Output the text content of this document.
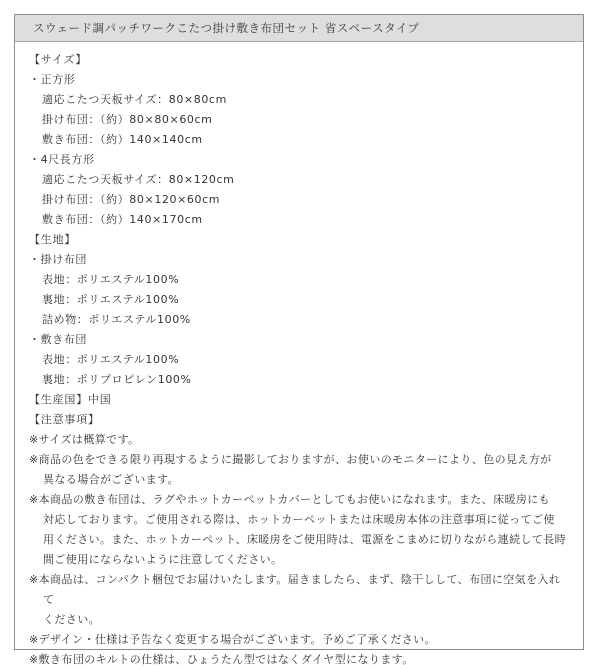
スウェード調パッチワークこたつ掛け敷き布団セット 省スペースタイプ
【サイズ】
・正方形
適応こたつ天板サイズ：80×80cm
掛け布団：（約）80×80×60cm
敷き布団：（約）140×140cm
・4尺長方形
適応こたつ天板サイズ：80×120cm
掛け布団：（約）80×120×60cm
敷き布団：（約）140×170cm
【生地】
・掛け布団
表地：ポリエステル100%
裏地：ポリエステル100%
詰め物：ポリエステル100%
・敷き布団
表地：ポリエステル100%
裏地：ポリプロピレン100%
【生産国】中国
【注意事項】
※サイズは概算です。
※商品の色をできる限り再現するように撮影しておりますが、お使いのモニターにより、色の見え方が
異なる場合がございます。
※本商品の敷き布団は、ラグやホットカーペットカバーとしてもお使いになれます。また、床暖房にも
対応しております。ご使用される際は、ホットカーペットまたは床暖房本体の注意事項に従ってご使
用ください。また、ホットカーペット、床暖房をご使用時は、電源をこまめに切りながら連続して長時
間ご使用にならないように注意してください。
※本商品は、コンパクト梱包でお届けいたします。届きましたら、まず、陰干しして、布団に空気を入れて
ください。
※デザイン・仕様は予告なく変更する場合がございます。予めご了承ください。
※敷き布団のキルトの仕様は、ひょうたん型ではなくダイヤ型になります。
